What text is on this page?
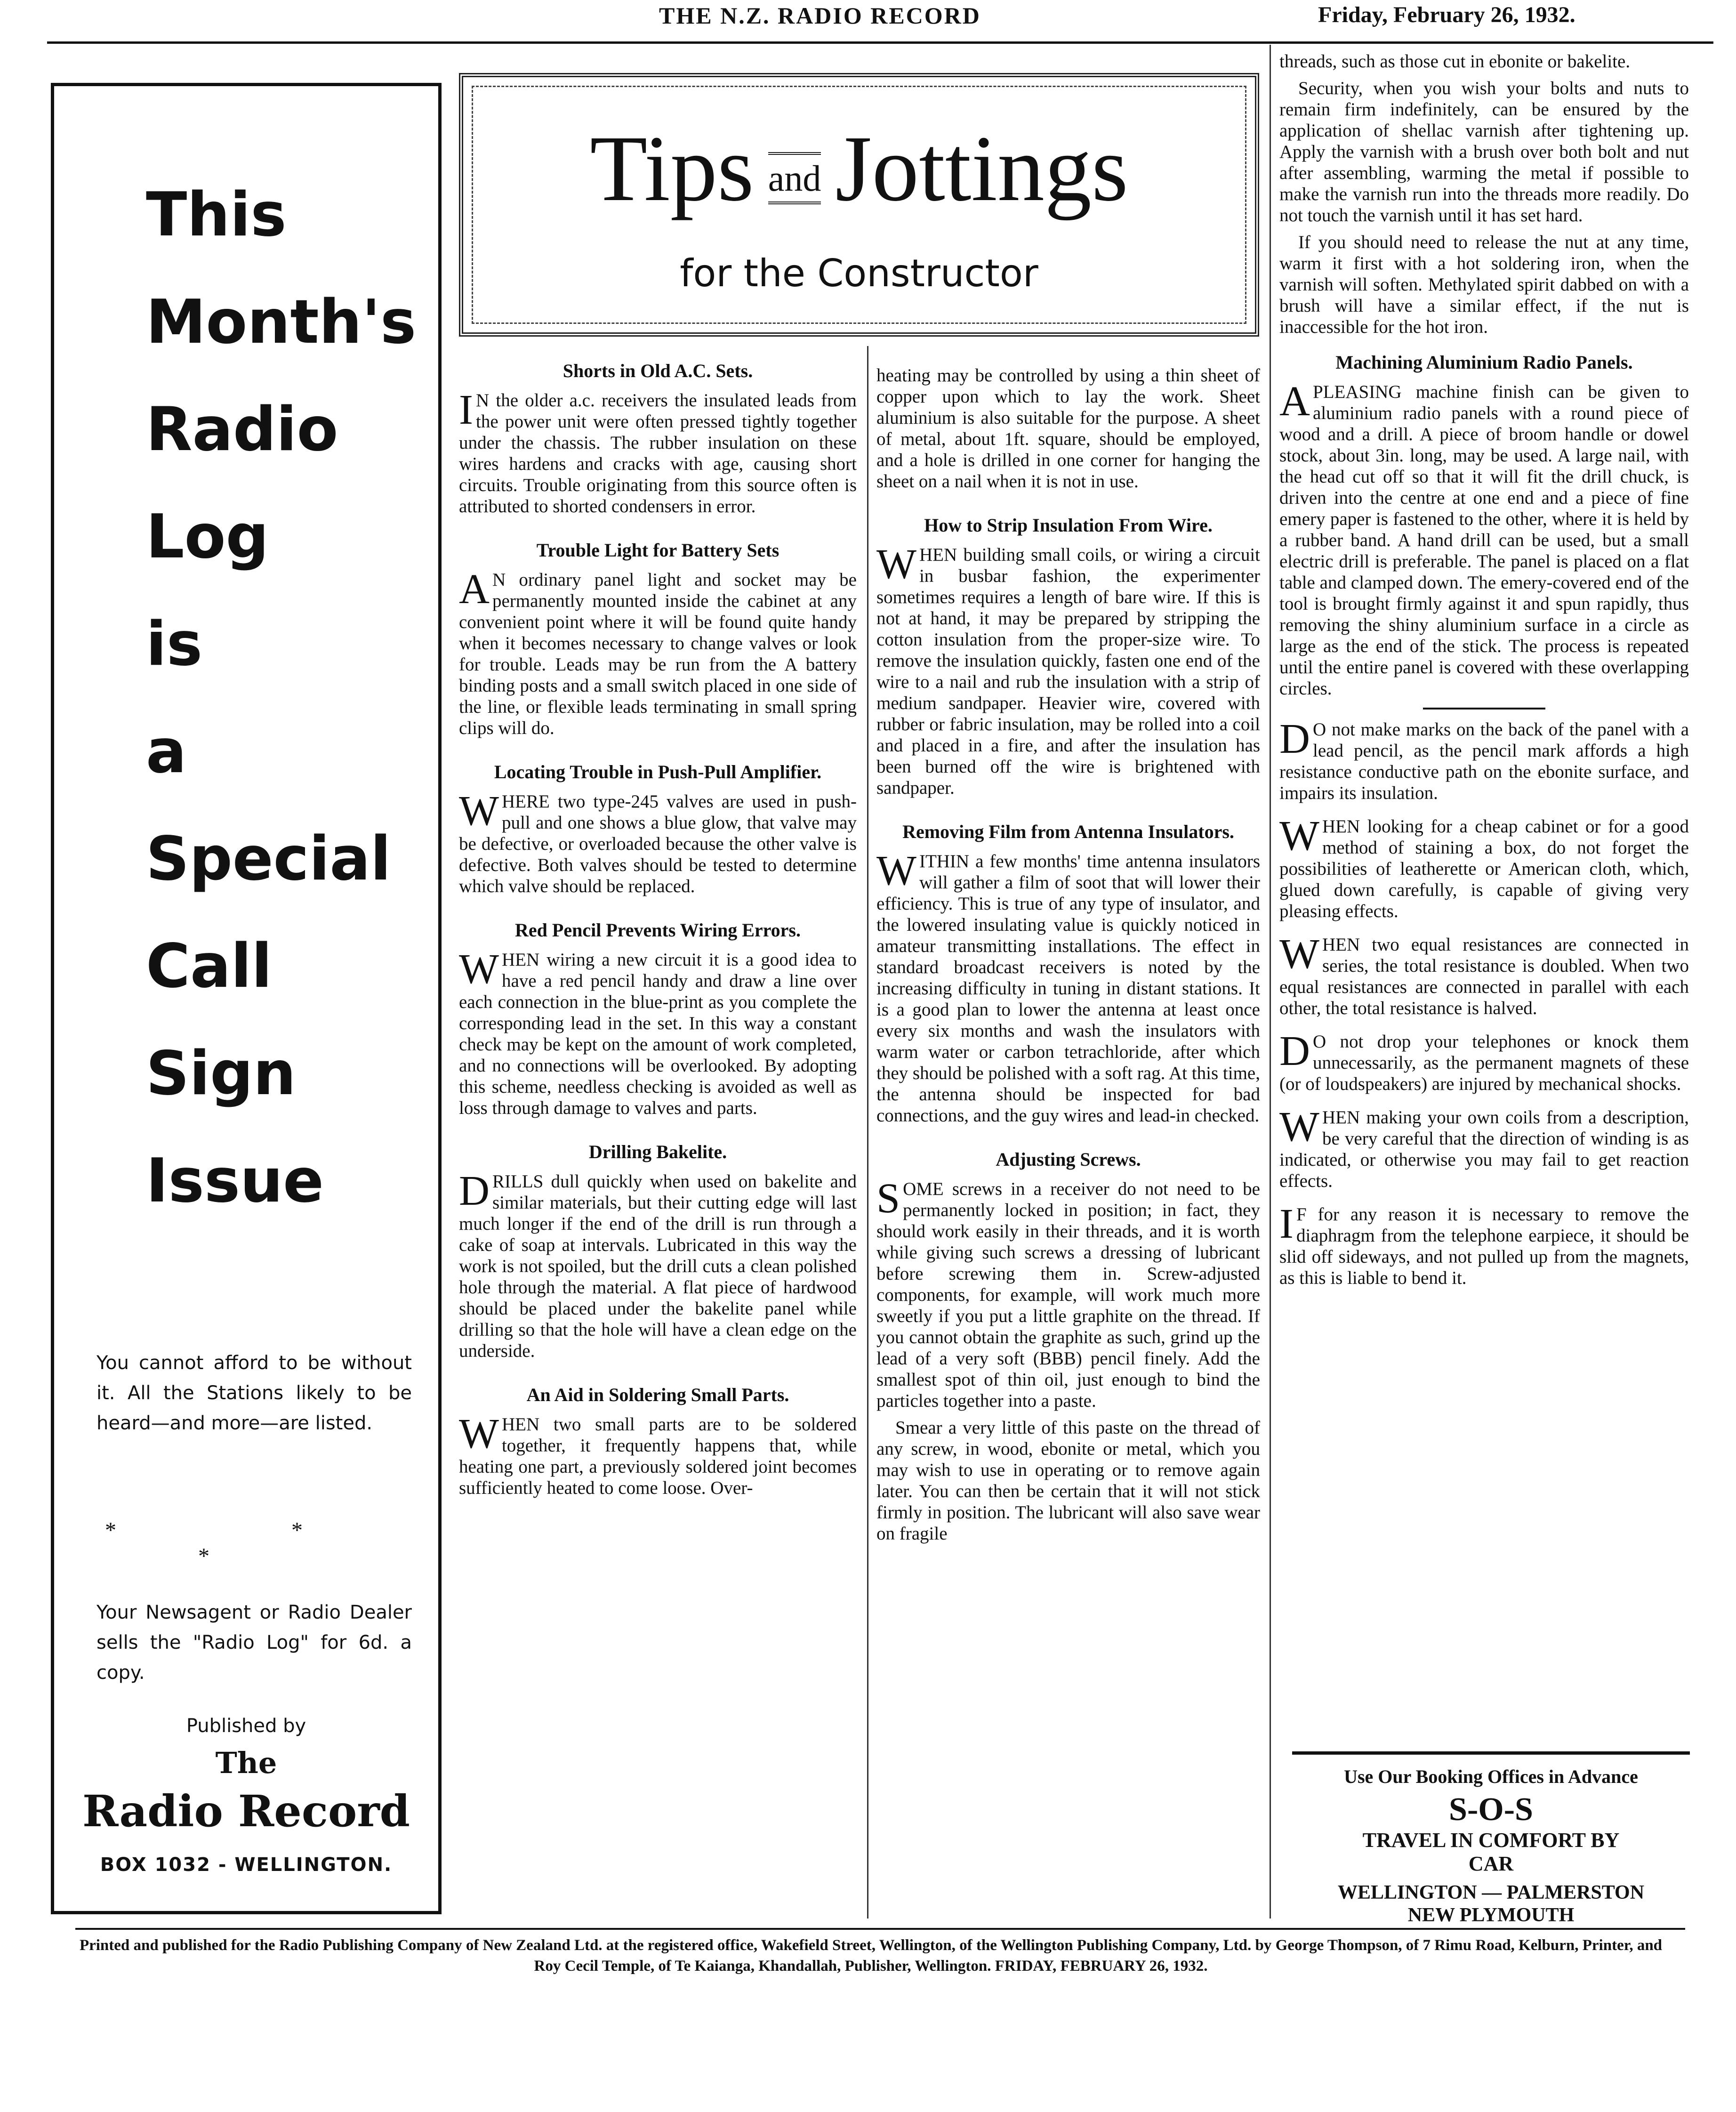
THE N.Z. RADIO RECORD	Friday, February 26, 1932.
This
Month's
Radio
Log
is
a
Special
Call
Sign
Issue
You cannot afford to be without it. All the Stations likely to be heard—and more—are listed.
* * *
Your Newsagent or Radio Dealer sells the "Radio Log" for 6d. a copy.
Published by
The
Radio Record
BOX 1032 - WELLINGTON.
Tips and Jottings
for the Constructor
Shorts in Old A.C. Sets.

I N the older a.c. receivers the insulated leads from the power unit were often pressed tightly together under the chassis. The rubber insulation on these wires hardens and cracks with age, causing short circuits. Trouble originating from this source often is attributed to shorted condensers in error.

Trouble Light for Battery Sets

A N ordinary panel light and socket may be permanently mounted inside the cabinet at any convenient point where it will be found quite handy when it becomes necessary to change valves or look for trouble. Leads may be run from the A battery binding posts and a small switch placed in one side of the line, or flexible leads terminating in small spring clips will do.

Locating Trouble in Push-Pull Amplifier.

WHERE two type-245 valves are used in push-pull and one shows a blue glow, that valve may be defective, or overloaded because the other valve is defective. Both valves should be tested to determine which valve should be replaced.

Red Pencil Prevents Wiring Errors.

WHEN wiring a new circuit it is a good idea to have a red pencil handy and draw a line over each connection in the blue-print as you complete the corresponding lead in the set. In this way a constant check may be kept on the amount of work completed, and no connections will be overlooked. By adopting this scheme, needless checking is avoided as well as loss through damage to valves and parts.

Drilling Bakelite.

DRILLS dull quickly when used on bakelite and similar materials, but their cutting edge will last much longer if the end of the drill is run through a cake of soap at intervals. Lubricated in this way the work is not spoiled, but the drill cuts a clean polished hole through the material. A flat piece of hardwood should be placed under the bakelite panel while drilling so that the hole will have a clean edge on the underside.

An Aid in Soldering Small Parts.

WHEN two small parts are to be soldered together, it frequently happens that, while heating one part, a previously soldered joint becomes sufficiently heated to come loose. Over-

heating may be controlled by using a thin sheet of copper upon which to lay the work. Sheet aluminium is also suitable for the purpose. A sheet of metal, about 1ft. square, should be employed, and a hole is drilled in one corner for hanging the sheet on a nail when it is not in use.

How to Strip Insulation From Wire.

WHEN building small coils, or wiring a circuit in busbar fashion, the experimenter sometimes requires a length of bare wire. If this is not at hand, it may be prepared by stripping the cotton insulation from the proper-size wire. To remove the insulation quickly, fasten one end of the wire to a nail and rub the insulation with a strip of medium sandpaper. Heavier wire, covered with rubber or fabric insulation, may be rolled into a coil and placed in a fire, and after the insulation has been burned off the wire is brightened with sandpaper.

Removing Film from Antenna Insulators.

WITHIN a few months' time antenna insulators will gather a film of soot that will lower their efficiency. This is true of any type of insulator, and the lowered insulating value is quickly noticed in amateur transmitting installations. The effect in standard broadcast receivers is noted by the increasing difficulty in tuning in distant stations. It is a good plan to lower the antenna at least once every six months and wash the insulators with warm water or carbon tetrachloride, after which they should be polished with a soft rag. At this time, the antenna should be inspected for bad connections, and the guy wires and lead-in checked.

Adjusting Screws.

SOME screws in a receiver do not need to be permanently locked in position; in fact, they should work easily in their threads, and it is worth while giving such screws a dressing of lubricant before screwing them in. Screw-adjusted components, for example, will work much more sweetly if you put a little graphite on the thread. If you cannot obtain the graphite as such, grind up the lead of a very soft (BBB) pencil finely. Add the smallest spot of thin oil, just enough to bind the particles together into a paste.

Smear a very little of this paste on the thread of any screw, in wood, ebonite or metal, which you may wish to use in operating or to remove again later. You can then be certain that it will not stick firmly in position. The lubricant will also save wear on fragile

threads, such as those cut in ebonite or bakelite.

Security, when you wish your bolts and nuts to remain firm indefinitely, can be ensured by the application of shellac varnish after tightening up. Apply the varnish with a brush over both bolt and nut after assembling, warming the metal if possible to make the varnish run into the threads more readily. Do not touch the varnish until it has set hard.

If you should need to release the nut at any time, warm it first with a hot soldering iron, when the varnish will soften. Methylated spirit dabbed on with a brush will have a similar effect, if the nut is inaccessible for the hot iron.

Machining Aluminium Radio Panels.

APLEASING machine finish can be given to aluminium radio panels with a round piece of wood and a drill. A piece of broom handle or dowel stock, about 3in. long, may be used. A large nail, with the head cut off so that it will fit the drill chuck, is driven into the centre at one end and a piece of fine emery paper is fastened to the other, where it is held by a rubber band. A hand drill can be used, but a small electric drill is preferable. The panel is placed on a flat table and clamped down. The emery-covered end of the tool is brought firmly against it and spun rapidly, thus removing the shiny aluminium surface in a circle as large as the end of the stick. The process is repeated until the entire panel is covered with these overlapping circles.

D O not make marks on the back of the panel with a lead pencil, as the pencil mark affords a high resistance conductive path on the ebonite surface, and impairs its insulation.

WHEN looking for a cheap cabinet or for a good method of staining a box, do not forget the possibilities of leatherette or American cloth, which, glued down carefully, is capable of giving very pleasing effects.

WHEN two equal resistances are connected in series, the total resistance is doubled. When two equal resistances are connected in parallel with each other, the total resistance is halved.

D O not drop your telephones or knock them unnecessarily, as the permanent magnets of these (or of loudspeakers) are injured by mechanical shocks.

WHEN making your own coils from a description, be very careful that the direction of winding is as indicated, or otherwise you may fail to get reaction effects.

I F for any reason it is necessary to remove the diaphragm from the telephone earpiece, it should be slid off sideways, and not pulled up from the magnets, as this is liable to bend it.

Use Our Booking Offices in Advance
S-O-S
TRAVEL IN COMFORT BY CAR
WELLINGTON — PALMERSTON NEW PLYMOUTH
Printed and published for the Radio Publishing Company of New Zealand Ltd. at the registered office, Wakefield Street, Wellington, of the Wellington Publishing Company, Ltd. by George Thompson, of 7 Rimu Road, Kelburn, Printer, and Roy Cecil Temple, of Te Kaianga, Khandallah, Publisher, Wellington. FRIDAY, FEBRUARY 26, 1932.
